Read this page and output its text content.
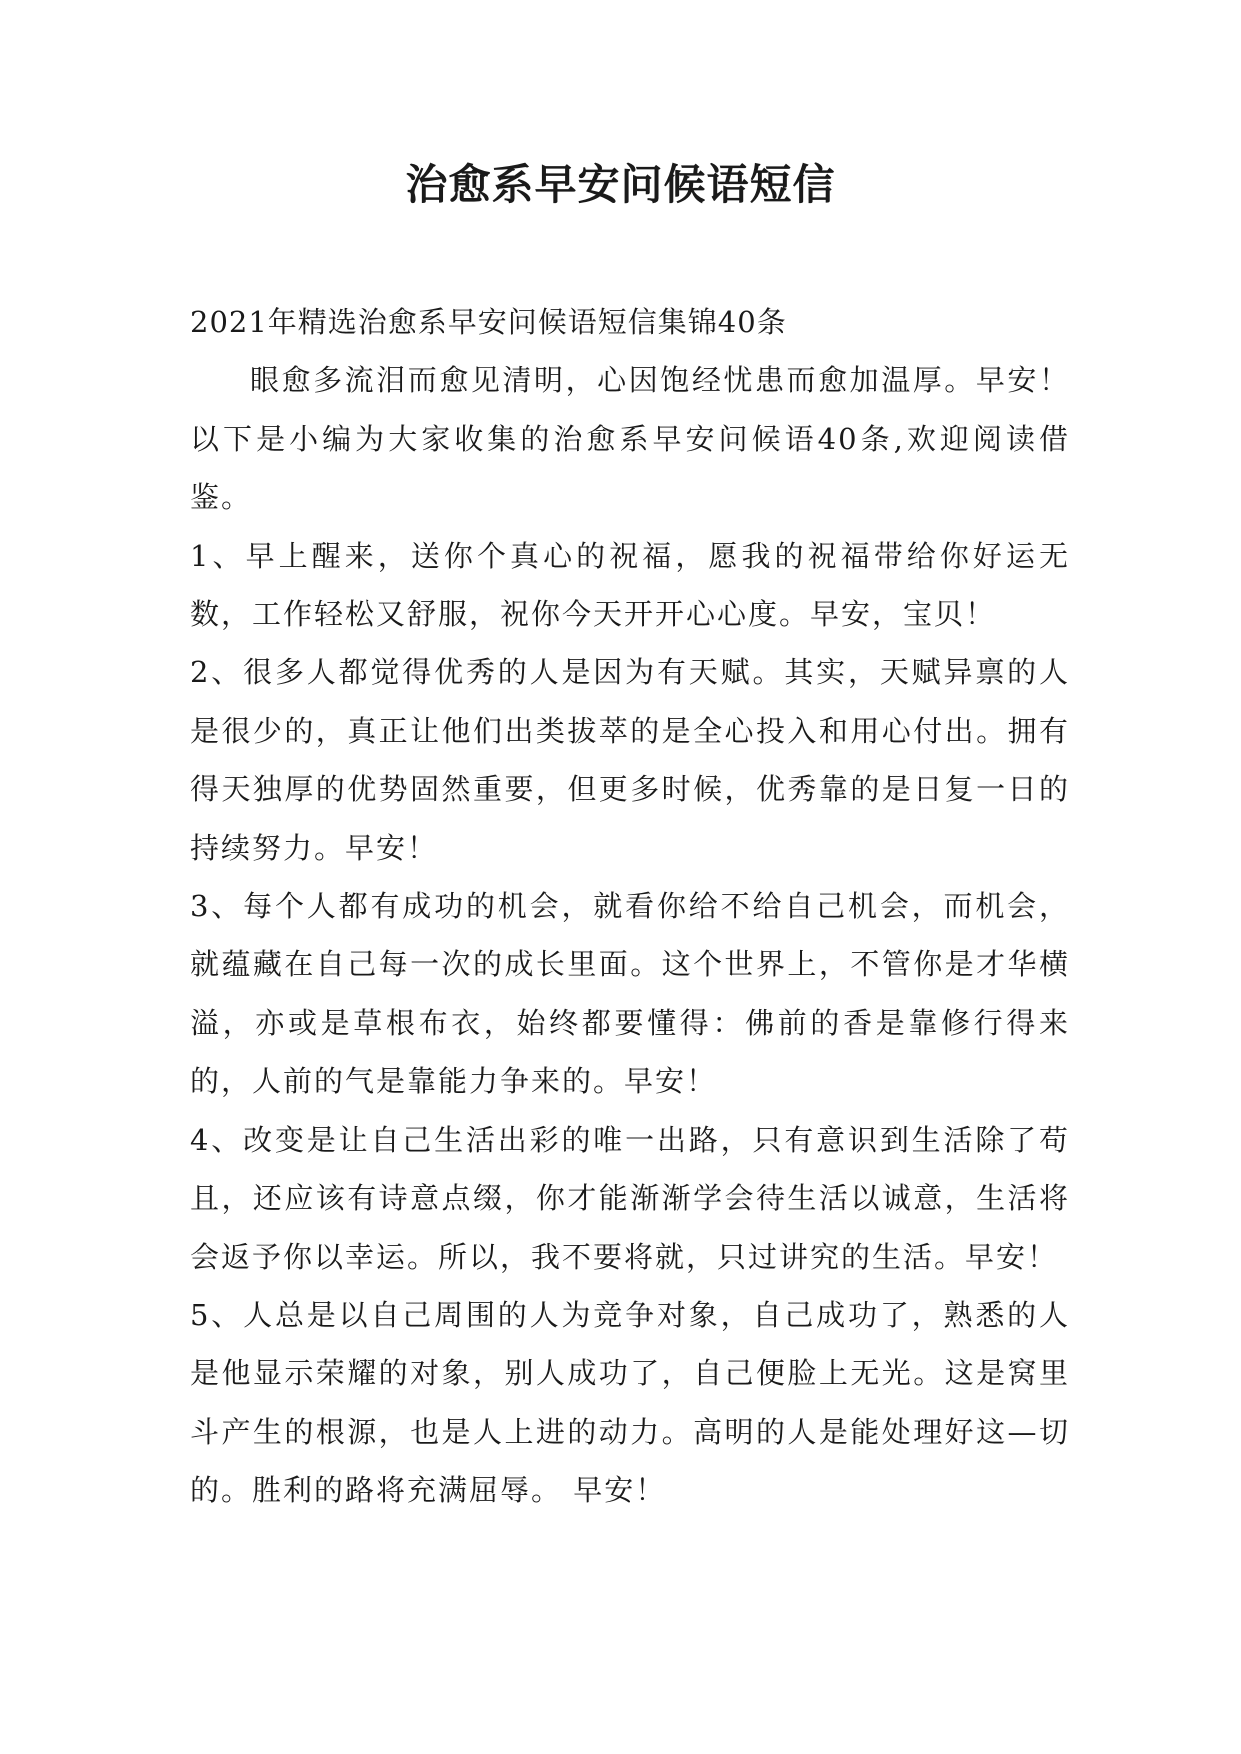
治愈系早安问候语短信

2021年精选治愈系早安问候语短信集锦40条

眼愈多流泪而愈见清明，心因饱经忧患而愈加温厚。早安！以下是小编为大家收集的治愈系早安问候语40条,欢迎阅读借鉴。

1、早上醒来，送你个真心的祝福，愿我的祝福带给你好运无数，工作轻松又舒服，祝你今天开开心心度。早安，宝贝！

2、很多人都觉得优秀的人是因为有天赋。其实，天赋异禀的人是很少的，真正让他们出类拔萃的是全心投入和用心付出。拥有得天独厚的优势固然重要，但更多时候，优秀靠的是日复一日的持续努力。早安！

3、每个人都有成功的机会，就看你给不给自己机会，而机会，就蕴藏在自己每一次的成长里面。这个世界上，不管你是才华横溢，亦或是草根布衣，始终都要懂得：佛前的香是靠修行得来的，人前的气是靠能力争来的。早安！

4、改变是让自己生活出彩的唯一出路，只有意识到生活除了苟且，还应该有诗意点缀，你才能渐渐学会待生活以诚意，生活将会返予你以幸运。所以，我不要将就，只过讲究的生活。早安！

5、人总是以自己周围的人为竞争对象，自己成功了，熟悉的人是他显示荣耀的对象，别人成功了，自己便脸上无光。这是窝里斗产生的根源，也是人上进的动力。高明的人是能处理好这—切的。胜利的路将充满屈辱。 早安！
